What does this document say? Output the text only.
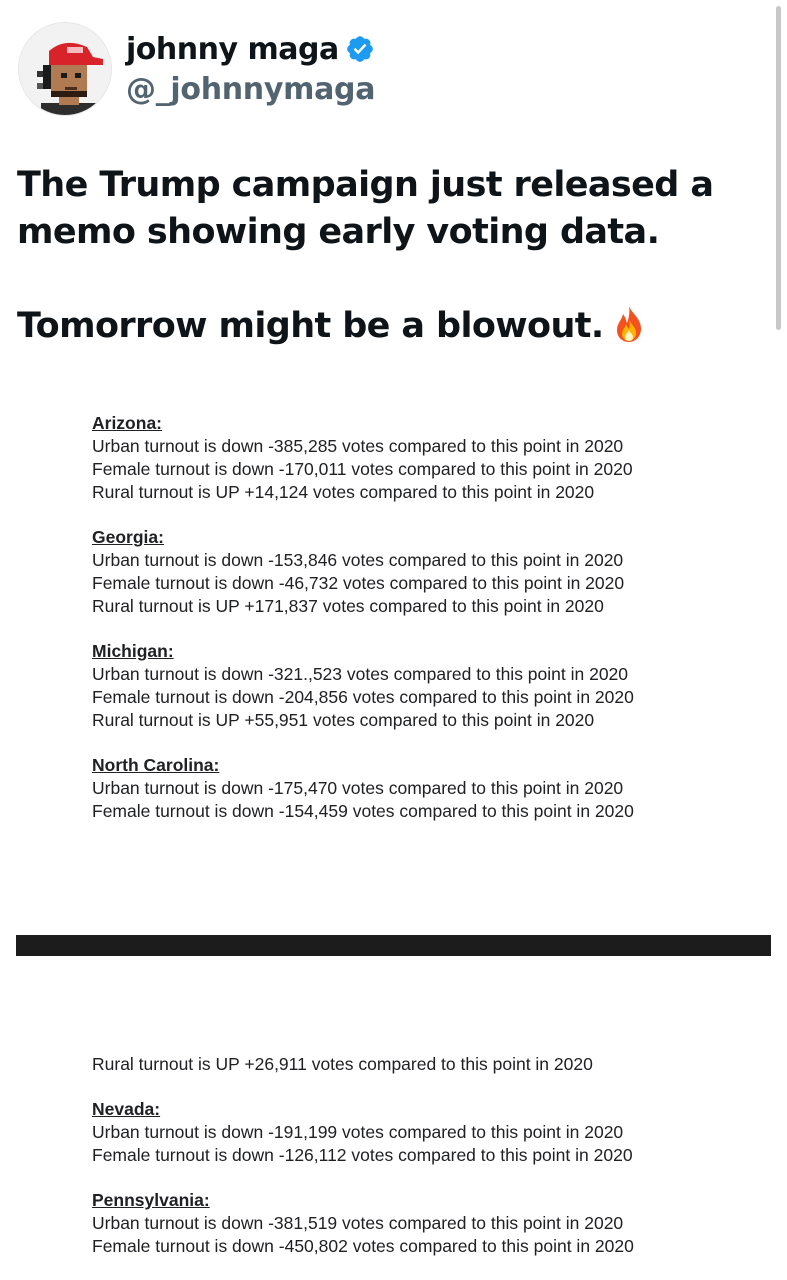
johnny maga
@_johnnymaga
The Trump campaign just released a memo showing early voting data.
Tomorrow might be a blowout.
Arizona:
Urban turnout is down -385,285 votes compared to this point in 2020
Female turnout is down -170,011 votes compared to this point in 2020
Rural turnout is UP +14,124 votes compared to this point in 2020
Georgia:
Urban turnout is down -153,846 votes compared to this point in 2020
Female turnout is down -46,732 votes compared to this point in 2020
Rural turnout is UP +171,837 votes compared to this point in 2020
Michigan:
Urban turnout is down -321.,523 votes compared to this point in 2020
Female turnout is down -204,856 votes compared to this point in 2020
Rural turnout is UP +55,951 votes compared to this point in 2020
North Carolina:
Urban turnout is down -175,470 votes compared to this point in 2020
Female turnout is down -154,459 votes compared to this point in 2020
Rural turnout is UP +26,911 votes compared to this point in 2020
Nevada:
Urban turnout is down -191,199 votes compared to this point in 2020
Female turnout is down -126,112 votes compared to this point in 2020
Pennsylvania:
Urban turnout is down -381,519 votes compared to this point in 2020
Female turnout is down -450,802 votes compared to this point in 2020
